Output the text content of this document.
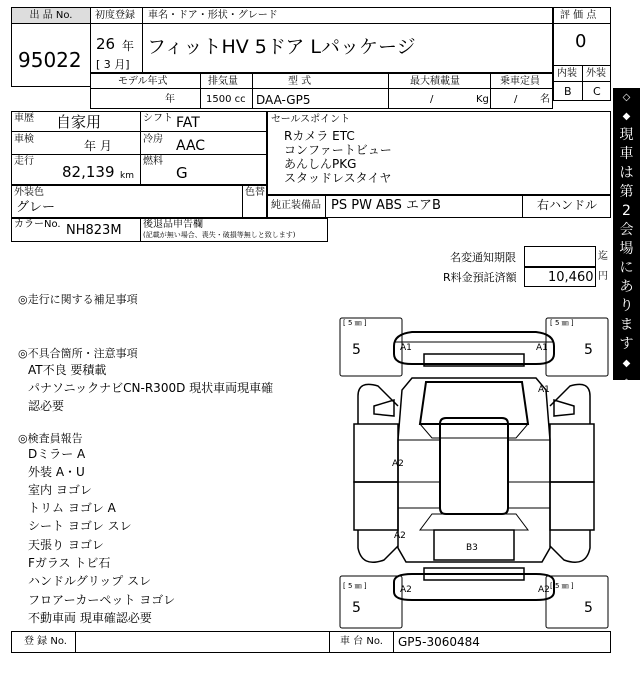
出 品 No.
95022
初度登録 車名・ドア・形状・グレード
26 年
[ 3 月]
フィットHV 5ドア Lパッケージ
評 価 点
0
内装 外装
B C
モデル年式	排気量	型 式	最大積載量	乗車定員
年	1500 cc DAA-GP5	/	Kg	/ 名
車歴 自家用	シフト FAT
車検	年 月	冷房 AAC
走行
82,139 km
燃料
G
外装色
グレー
色替
カラーNo. NH823M 後退品申告欄
(記載が無い場合、喪失・破損等無しと致します)
セールスポイント
Rカメラ ETC
コンファートビュー
あんしんPKG
スタッドレスタイヤ
純正装備品 PS PW ABS エアB	右ハンドル
名変通知期限	迄
R料金預託済額 10,460 円
◎走行に関する補足事項
◎不具合箇所・注意事項
AT不良 要積載
パナソニックナビCN-R300D 現状車両現車確
認必要
◎検査員報告
Dミラー A
外装 A・U
室内 ヨゴレ
トリム ヨゴレ A
シート ヨゴレ スレ
天張り ヨゴレ
Fガラス トビ石
ハンドルグリップ スレ
フロアーカーペット ヨゴレ
不動車両 現車確認必要
[ 5 ㎜ ]	[ 5 ㎜ ]
[ 5 ㎜ ]	[ 5 ㎜ ]
5	5
5	5
A1	A1
A1
A2
A2
B3
A2	A2
◇
◆
現
車
は
第
2
会
場
に
あ
り
ま
す
◆
◇
登 録 No.	車 台 No. GP5-3060484
